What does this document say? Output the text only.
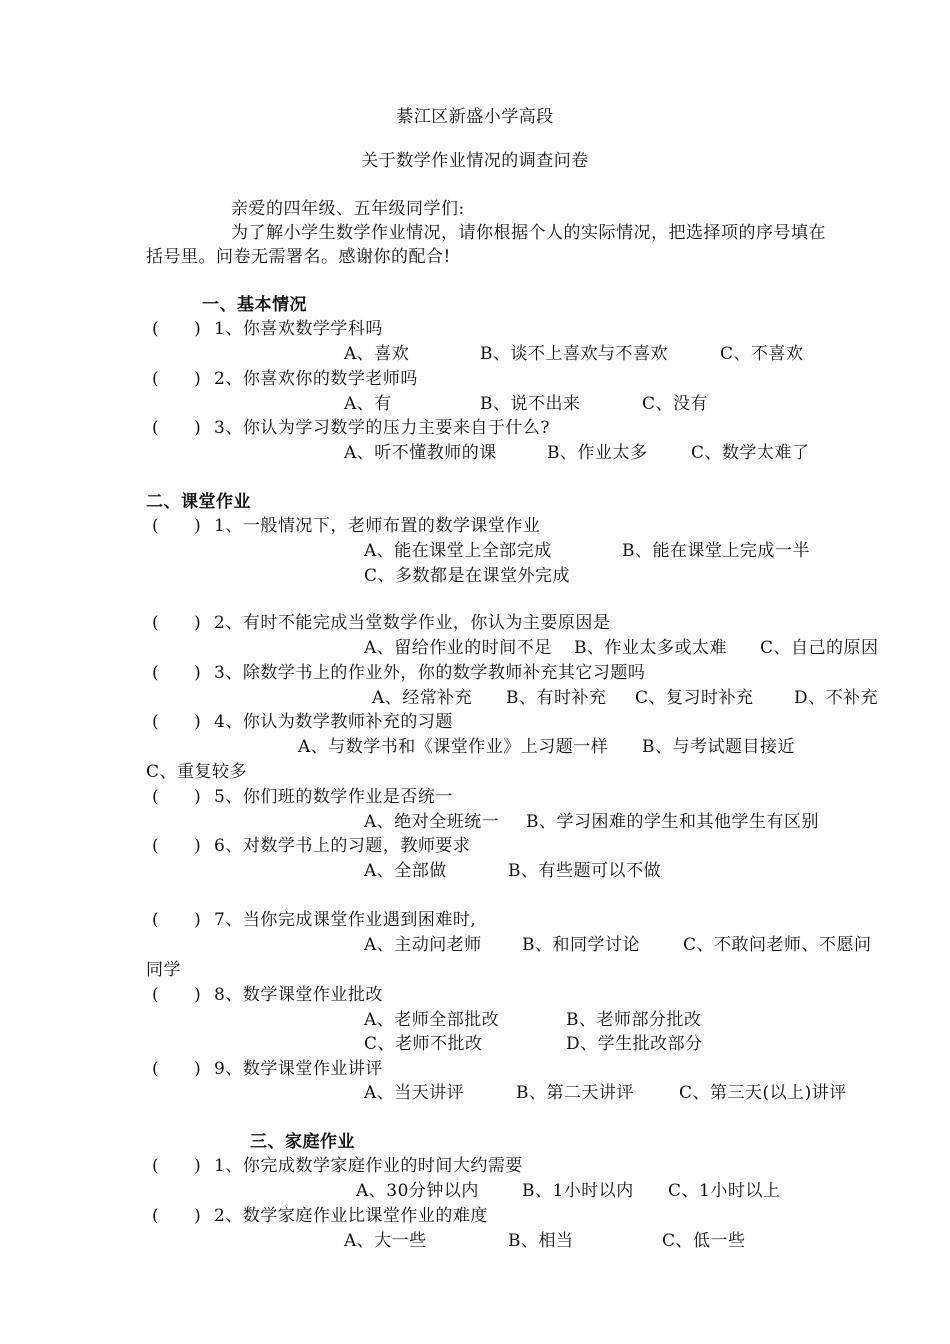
綦江区新盛小学高段
关于数学作业情况的调查问卷
亲爱的四年级、五年级同学们:
为了解小学生数学作业情况，请你根据个人的实际情况，把选择项的序号填在
括号里。问卷无需署名。感谢你的配合!
一、基本情况
(　　) 1、你喜欢数学学科吗
A、喜欢	B、谈不上喜欢与不喜欢	C、不喜欢
(　　) 2、你喜欢你的数学老师吗
A、有	B、说不出来	C、没有
(　　) 3、你认为学习数学的压力主要来自于什么?
A、听不懂教师的课	B、作业太多	C、数学太难了
二、课堂作业
(　　) 1、一般情况下，老师布置的数学课堂作业
A、能在课堂上全部完成	B、能在课堂上完成一半
C、多数都是在课堂外完成
(　　) 2、有时不能完成当堂数学作业，你认为主要原因是
A、留给作业的时间不足 B、作业太多或太难 C、自己的原因
(　　) 3、除数学书上的作业外，你的数学教师补充其它习题吗
A、经常补充 B、有时补充 C、复习时补充 D、不补充
(　　) 4、你认为数学教师补充的习题
A、与数学书和《课堂作业》上习题一样 B、与考试题目接近
C、重复较多
(　　) 5、你们班的数学作业是否统一
A、绝对全班统一 B、学习困难的学生和其他学生有区别
(　　) 6、对数学书上的习题，教师要求
A、全部做	B、有些题可以不做
(　　) 7、当你完成课堂作业遇到困难时,
A、主动问老师 B、和同学讨论	C、不敢问老师、不愿问
同学
(　　) 8、数学课堂作业批改
A、老师全部批改	B、老师部分批改
C、老师不批改	D、学生批改部分
(　　) 9、数学课堂作业讲评
A、当天讲评	B、第二天讲评	C、第三天(以上)讲评
三、家庭作业
(　　) 1、你完成数学家庭作业的时间大约需要
A、30分钟以内	B、1小时以内 C、1小时以上
(　　) 2、数学家庭作业比课堂作业的难度
A、大一些	B、相当	C、低一些
